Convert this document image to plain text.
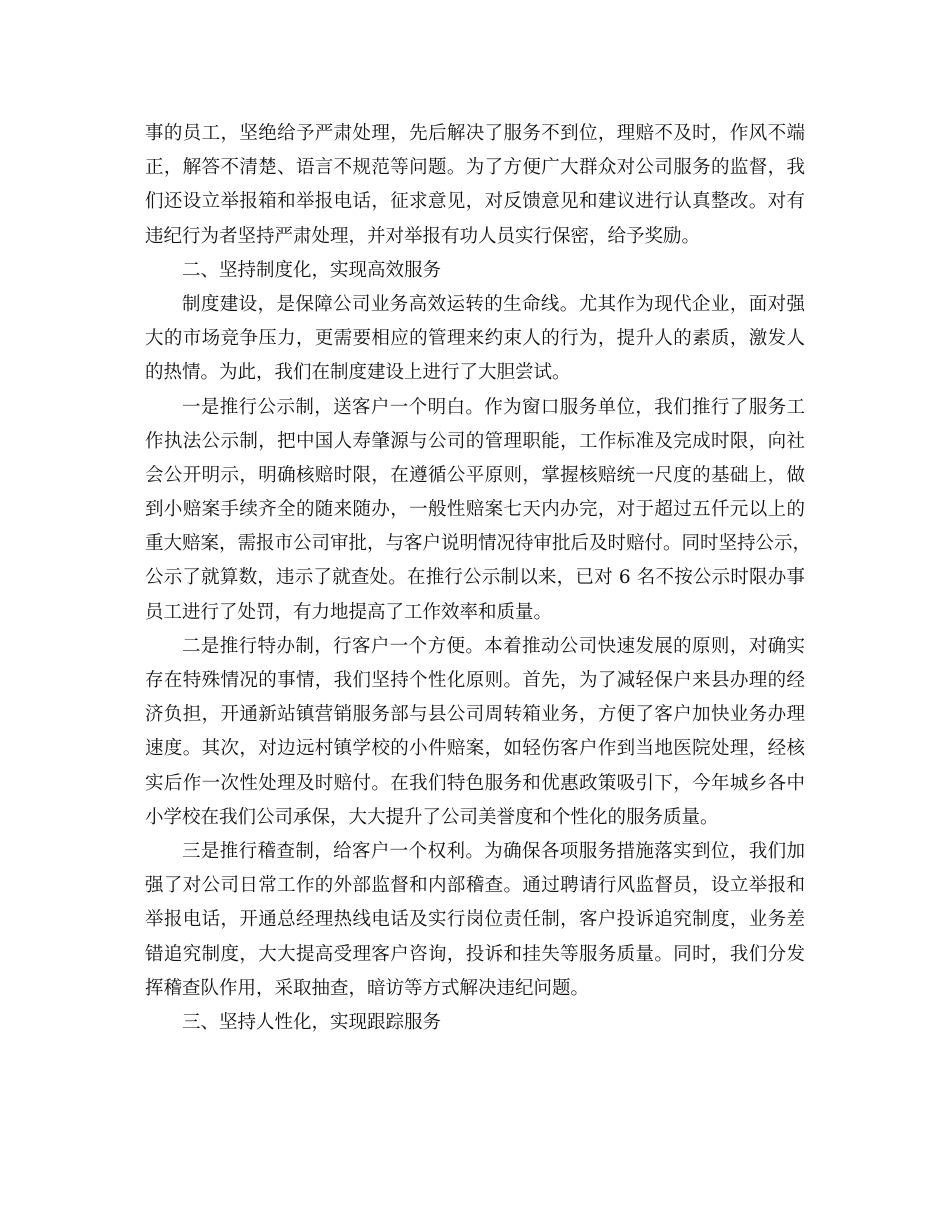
事的员工，坚绝给予严肃处理，先后解决了服务不到位，理赔不及时，作风不端
正，解答不清楚、语言不规范等问题。为了方便广大群众对公司服务的监督，我
们还设立举报箱和举报电话，征求意见，对反馈意见和建议进行认真整改。对有
违纪行为者坚持严肃处理，并对举报有功人员实行保密，给予奖励。
二、坚持制度化，实现高效服务
制度建设，是保障公司业务高效运转的生命线。尤其作为现代企业，面对强
大的市场竞争压力，更需要相应的管理来约束人的行为，提升人的素质，激发人
的热情。为此，我们在制度建设上进行了大胆尝试。
一是推行公示制，送客户一个明白。作为窗口服务单位，我们推行了服务工
作执法公示制，把中国人寿肇源与公司的管理职能，工作标准及完成时限，向社
会公开明示，明确核赔时限，在遵循公平原则，掌握核赔统一尺度的基础上，做
到小赔案手续齐全的随来随办，一般性赔案七天内办完，对于超过五仟元以上的
重大赔案，需报市公司审批，与客户说明情况待审批后及时赔付。同时坚持公示，
公示了就算数，违示了就查处。在推行公示制以来，已对 6 名不按公示时限办事
员工进行了处罚，有力地提高了工作效率和质量。
二是推行特办制，行客户一个方便。本着推动公司快速发展的原则，对确实
存在特殊情况的事情，我们坚持个性化原则。首先，为了减轻保户来县办理的经
济负担，开通新站镇营销服务部与县公司周转箱业务，方便了客户加快业务办理
速度。其次，对边远村镇学校的小件赔案，如轻伤客户作到当地医院处理，经核
实后作一次性处理及时赔付。在我们特色服务和优惠政策吸引下，今年城乡各中
小学校在我们公司承保，大大提升了公司美誉度和个性化的服务质量。
三是推行稽查制，给客户一个权利。为确保各项服务措施落实到位，我们加
强了对公司日常工作的外部监督和内部稽查。通过聘请行风监督员，设立举报和
举报电话，开通总经理热线电话及实行岗位责任制，客户投诉追究制度，业务差
错追究制度，大大提高受理客户咨询，投诉和挂失等服务质量。同时，我们分发
挥稽查队作用，采取抽查，暗访等方式解决违纪问题。
三、坚持人性化，实现跟踪服务
